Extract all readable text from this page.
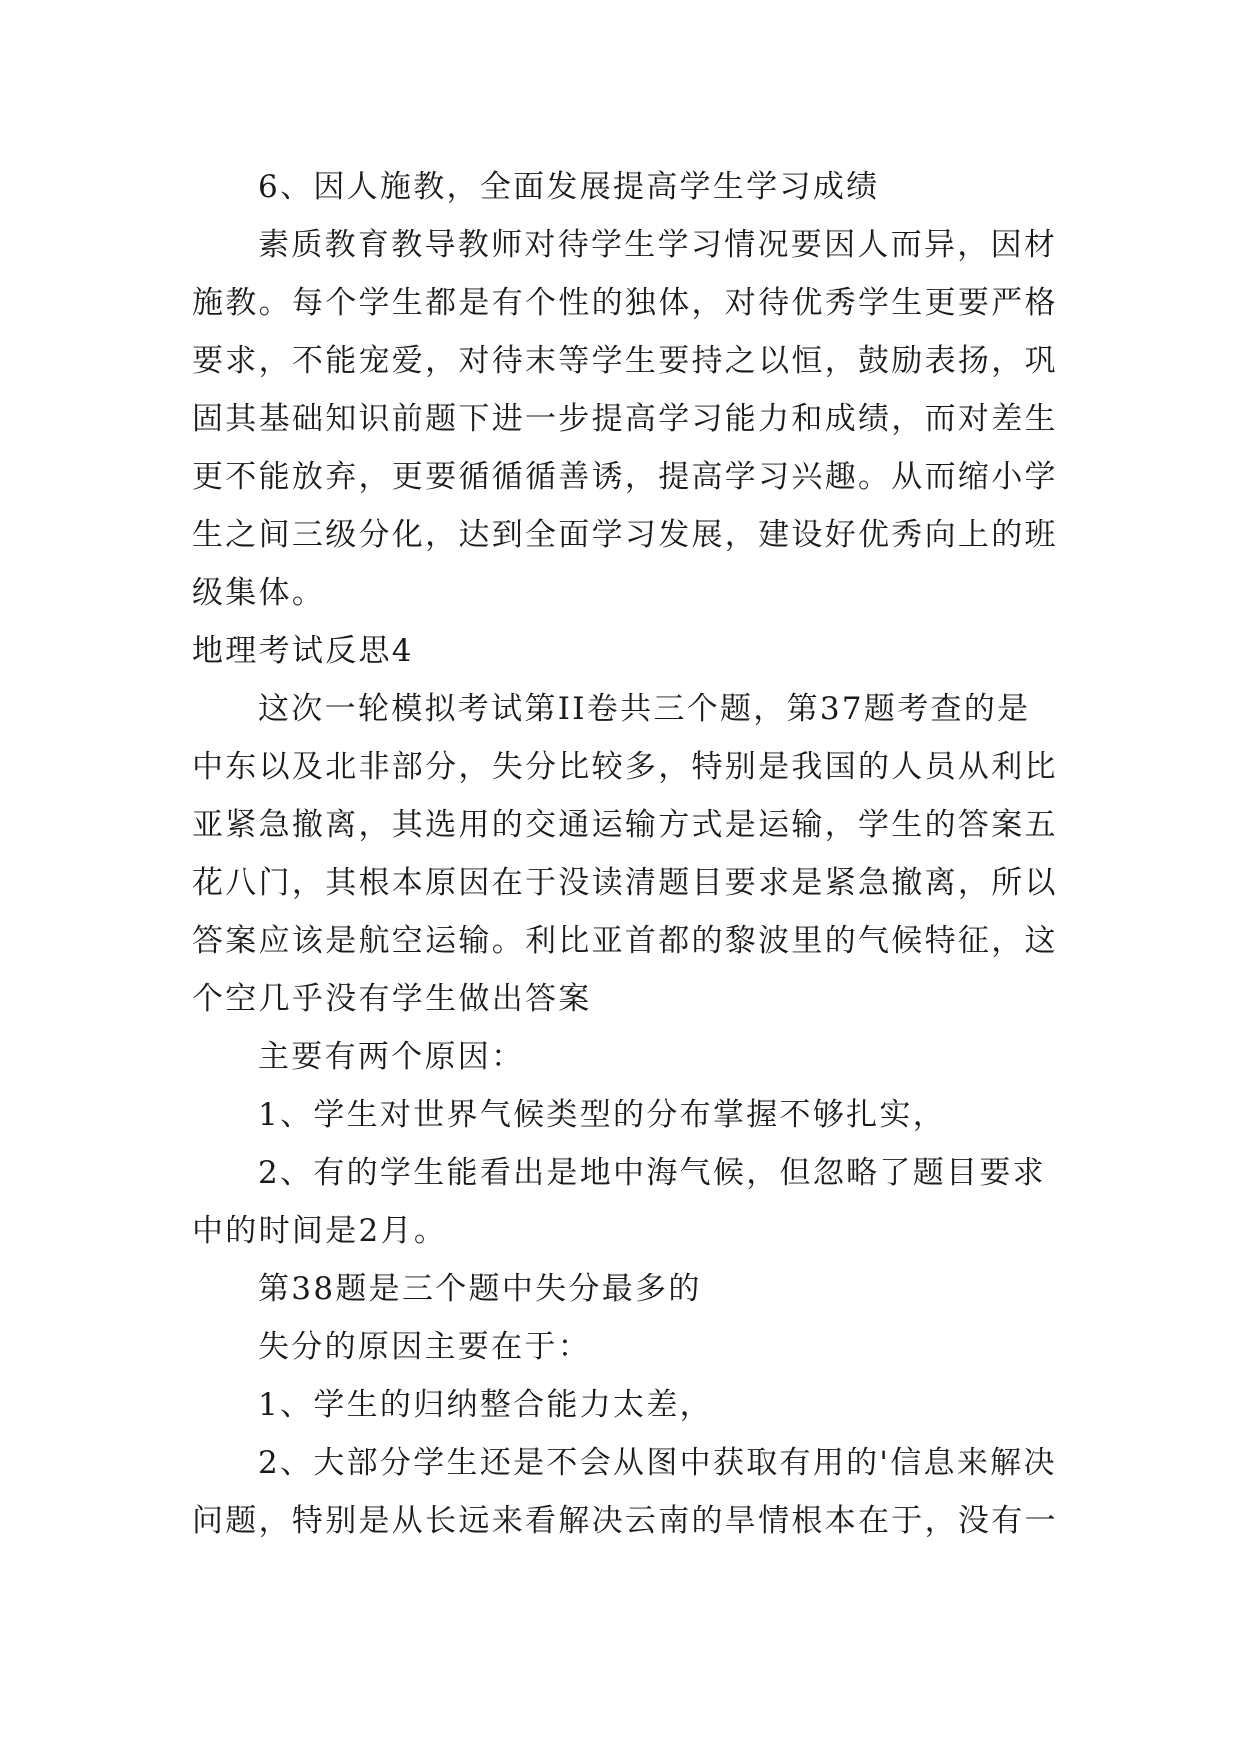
6、因人施教，全面发展提高学生学习成绩
素质教育教导教师对待学生学习情况要因人而异，因材
施教。每个学生都是有个性的独体，对待优秀学生更要严格
要求，不能宠爱，对待末等学生要持之以恒，鼓励表扬，巩
固其基础知识前题下进一步提高学习能力和成绩，而对差生
更不能放弃，更要循循循善诱，提高学习兴趣。从而缩小学
生之间三级分化，达到全面学习发展，建设好优秀向上的班
级集体。
地理考试反思4
这次一轮模拟考试第II卷共三个题，第37题考查的是
中东以及北非部分，失分比较多，特别是我国的人员从利比
亚紧急撤离，其选用的交通运输方式是运输，学生的答案五
花八门，其根本原因在于没读清题目要求是紧急撤离，所以
答案应该是航空运输。利比亚首都的黎波里的气候特征，这
个空几乎没有学生做出答案
主要有两个原因：
1、学生对世界气候类型的分布掌握不够扎实，
2、有的学生能看出是地中海气候，但忽略了题目要求
中的时间是2月。
第38题是三个题中失分最多的
失分的原因主要在于：
1、学生的归纳整合能力太差，
2、大部分学生还是不会从图中获取有用的'信息来解决
问题，特别是从长远来看解决云南的旱情根本在于，没有一
